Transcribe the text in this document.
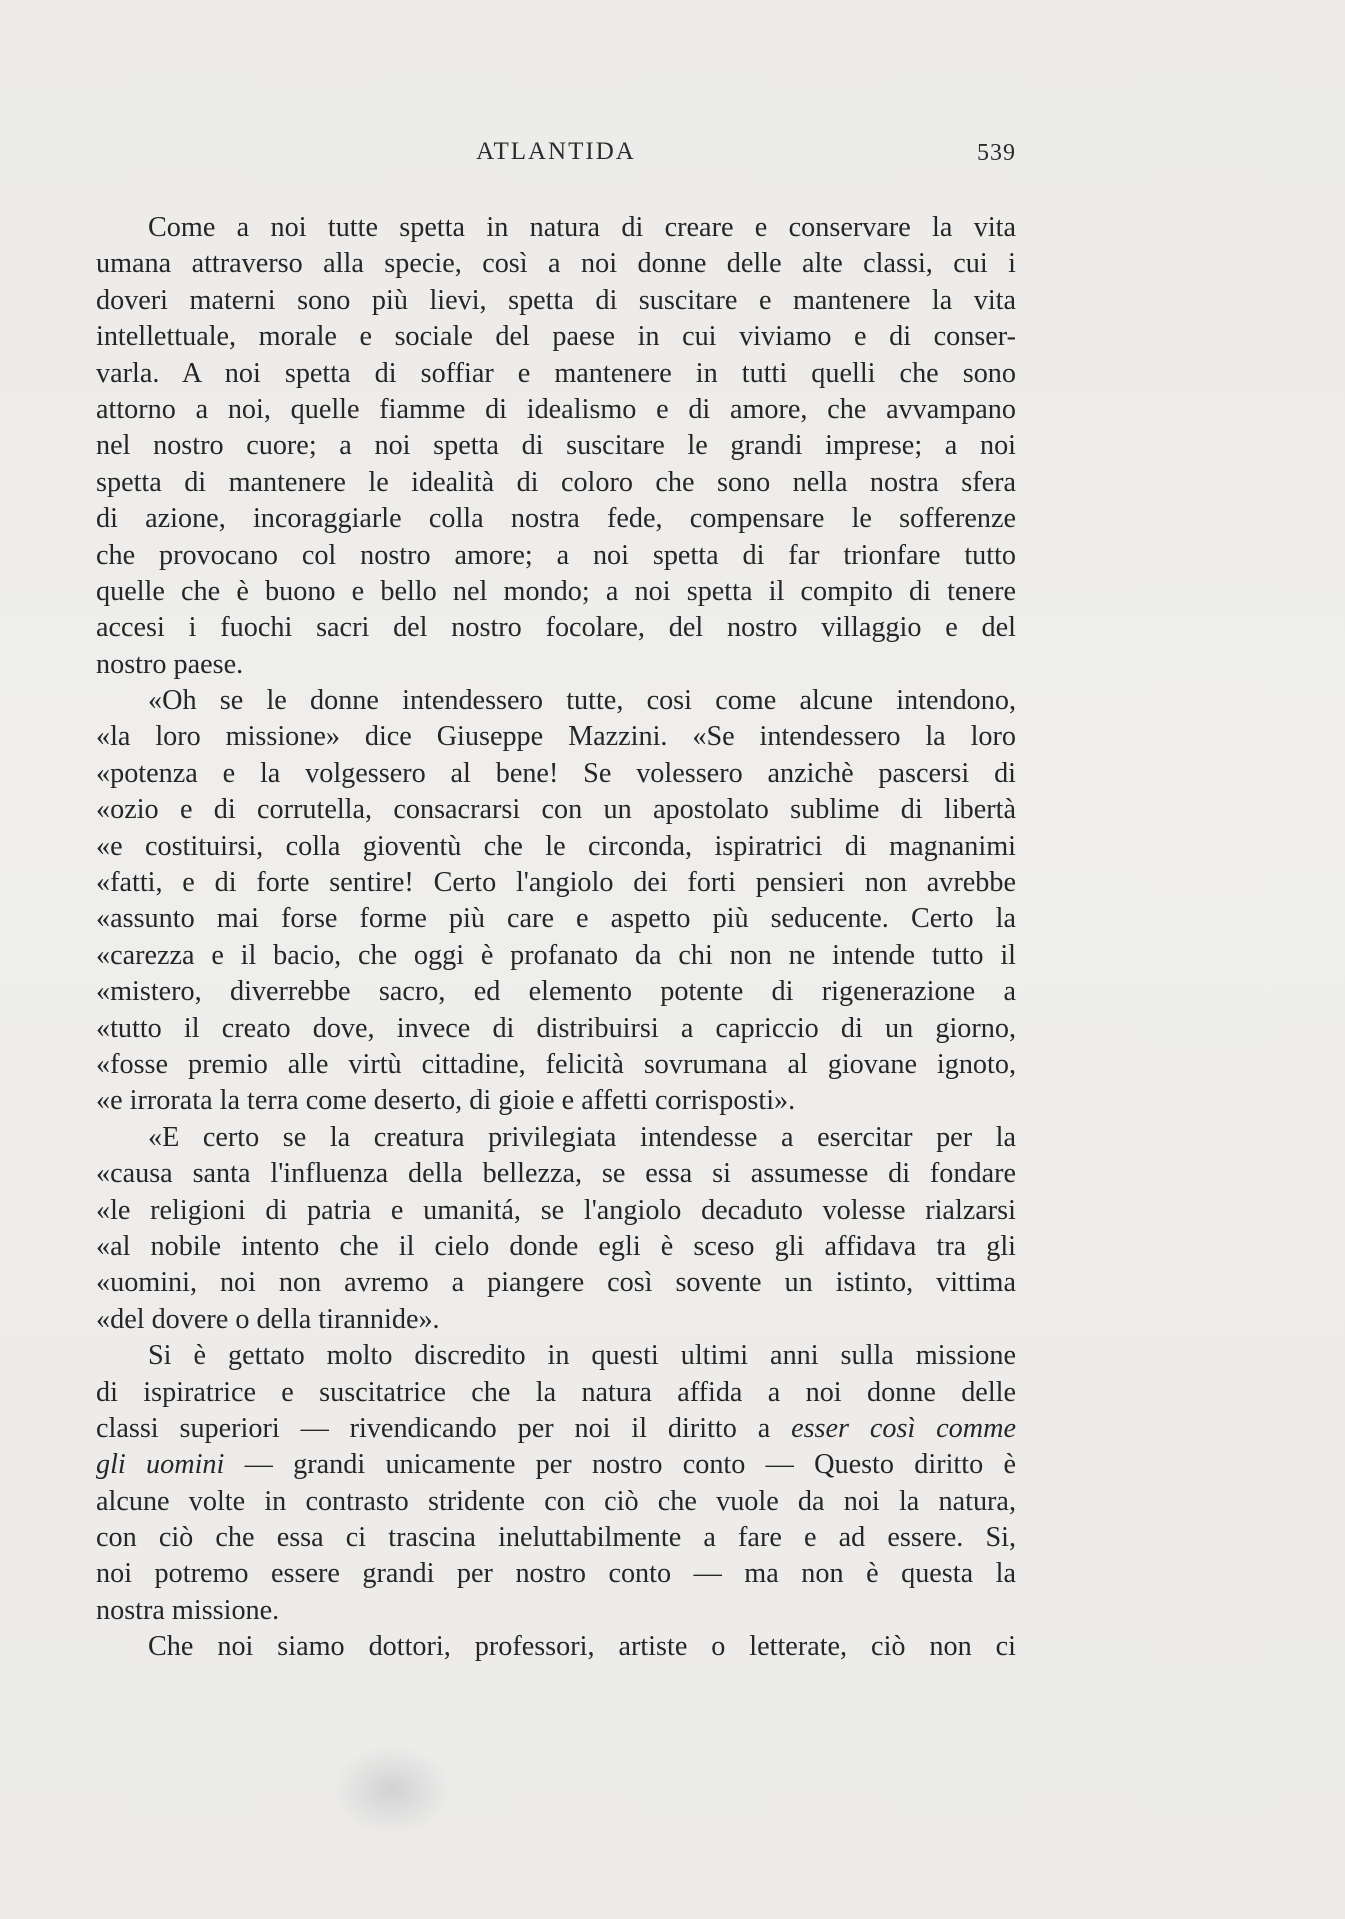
ATLANTIDA	539
Come a noi tutte spetta in natura di creare e conservare la vita
umana attraverso alla specie, così a noi donne delle alte classi, cui i
doveri materni sono più lievi, spetta di suscitare e mantenere la vita
intellettuale, morale e sociale del paese in cui viviamo e di conser-
varla. A noi spetta di soffiar e mantenere in tutti quelli che sono
attorno a noi, quelle fiamme di idealismo e di amore, che avvampano
nel nostro cuore; a noi spetta di suscitare le grandi imprese; a noi
spetta di mantenere le idealità di coloro che sono nella nostra sfera
di azione, incoraggiarle colla nostra fede, compensare le sofferenze
che provocano col nostro amore; a noi spetta di far trionfare tutto
quelle che è buono e bello nel mondo; a noi spetta il compito di tenere
accesi i fuochi sacri del nostro focolare, del nostro villaggio e del
nostro paese.
«Oh se le donne intendessero tutte, cosi come alcune intendono,
«la loro missione» dice Giuseppe Mazzini. «Se intendessero la loro
«potenza e la volgessero al bene! Se volessero anzichè pascersi di
«ozio e di corrutella, consacrarsi con un apostolato sublime di libertà
«e costituirsi, colla gioventù che le circonda, ispiratrici di magnanimi
«fatti, e di forte sentire! Certo l'angiolo dei forti pensieri non avrebbe
«assunto mai forse forme più care e aspetto più seducente. Certo la
«carezza e il bacio, che oggi è profanato da chi non ne intende tutto il
«mistero, diverrebbe sacro, ed elemento potente di rigenerazione a
«tutto il creato dove, invece di distribuirsi a capriccio di un giorno,
«fosse premio alle virtù cittadine, felicità sovrumana al giovane ignoto,
«e irrorata la terra come deserto, di gioie e affetti corrisposti».
«E certo se la creatura privilegiata intendesse a esercitar per la
«causa santa l'influenza della bellezza, se essa si assumesse di fondare
«le religioni di patria e umanitá, se l'angiolo decaduto volesse rialzarsi
«al nobile intento che il cielo donde egli è sceso gli affidava tra gli
«uomini, noi non avremo a piangere così sovente un istinto, vittima
«del dovere o della tirannide».
Si è gettato molto discredito in questi ultimi anni sulla missione
di ispiratrice e suscitatrice che la natura affida a noi donne delle
classi superiori — rivendicando per noi il diritto a esser così comme
gli uomini — grandi unicamente per nostro conto — Questo diritto è
alcune volte in contrasto stridente con ciò che vuole da noi la natura,
con ciò che essa ci trascina ineluttabilmente a fare e ad essere. Si,
noi potremo essere grandi per nostro conto — ma non è questa la
nostra missione.
Che noi siamo dottori, professori, artiste o letterate, ciò non ci
